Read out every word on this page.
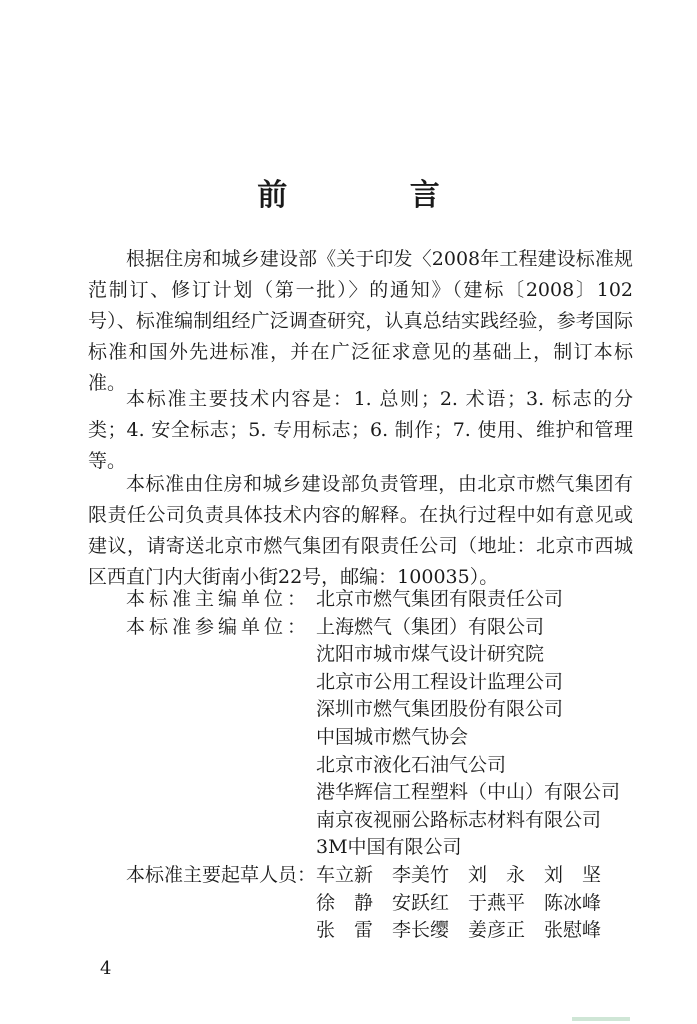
前 言

根据住房和城乡建设部《关于印发〈2008年工程建设标准规范制订、修订计划（第一批）〉的通知》（建标〔2008〕102号）、标准编制组经广泛调查研究，认真总结实践经验，参考国际标准和国外先进标准，并在广泛征求意见的基础上，制订本标准。

本标准主要技术内容是：1. 总则；2. 术语；3. 标志的分类；4. 安全标志；5. 专用标志；6. 制作；7. 使用、维护和管理等。

本标准由住房和城乡建设部负责管理，由北京市燃气集团有限责任公司负责具体技术内容的解释。在执行过程中如有意见或建议，请寄送北京市燃气集团有限责任公司（地址：北京市西城区西直门内大街南小街22号，邮编：100035）。

本标准主编单位： 北京市燃气集团有限责任公司
本标准参编单位： 上海燃气（集团）有限公司
沈阳市城市煤气设计研究院
北京市公用工程设计监理公司
深圳市燃气集团股份有限公司
中国城市燃气协会
北京市液化石油气公司
港华辉信工程塑料（中山）有限公司
南京夜视丽公路标志材料有限公司
3M中国有限公司
本标准主要起草人员： 车立新 李美竹 刘　永 刘　坚
徐　静 安跃红 于燕平 陈冰峰
张　雷 李长缨 姜彦正 张慰峰
4
